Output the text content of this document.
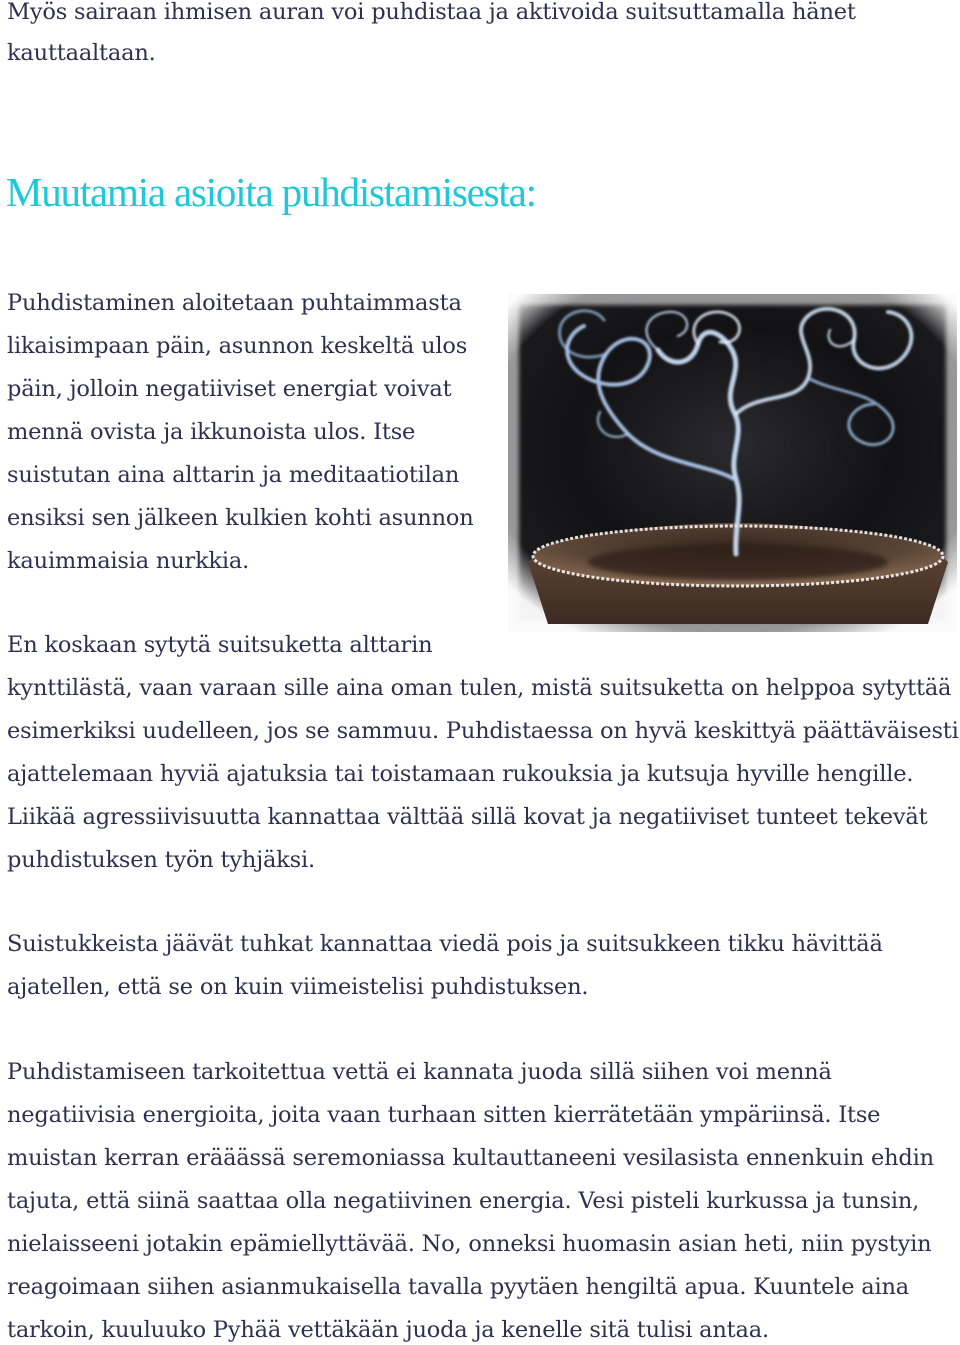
Myös sairaan ihmisen auran voi puhdistaa ja aktivoida suitsuttamalla hänet

kauttaaltaan.

Muutamia asioita puhdistamisesta:

Puhdistaminen aloitetaan puhtaimmasta

likaisimpaan päin, asunnon keskeltä ulos

päin, jolloin negatiiviset energiat voivat

mennä ovista ja ikkunoista ulos. Itse

suistutan aina alttarin ja meditaatiotilan

ensiksi sen jälkeen kulkien kohti asunnon

kauimmaisia nurkkia.

En koskaan sytytä suitsuketta alttarin

kynttilästä, vaan varaan sille aina oman tulen, mistä suitsuketta on helppoa sytyttää

esimerkiksi uudelleen, jos se sammuu. Puhdistaessa on hyvä keskittyä päättäväisesti

ajattelemaan hyviä ajatuksia tai toistamaan rukouksia ja kutsuja hyville hengille.

Liikää agressiivisuutta kannattaa välttää sillä kovat ja negatiiviset tunteet tekevät

puhdistuksen työn tyhjäksi.

Suistukkeista jäävät tuhkat kannattaa viedä pois ja suitsukkeen tikku hävittää

ajatellen, että se on kuin viimeistelisi puhdistuksen.

Puhdistamiseen tarkoitettua vettä ei kannata juoda sillä siihen voi mennä

negatiivisia energioita, joita vaan turhaan sitten kierrätetään ympäriinsä. Itse

muistan kerran erääässä seremoniassa kultauttaneeni vesilasista ennenkuin ehdin

tajuta, että siinä saattaa olla negatiivinen energia. Vesi pisteli kurkussa ja tunsin,

nielaisseeni jotakin epämiellyttävää. No, onneksi huomasin asian heti, niin pystyin

reagoimaan siihen asianmukaisella tavalla pyytäen hengiltä apua. Kuuntele aina

tarkoin, kuuluuko Pyhää vettäkään juoda ja kenelle sitä tulisi antaa.
